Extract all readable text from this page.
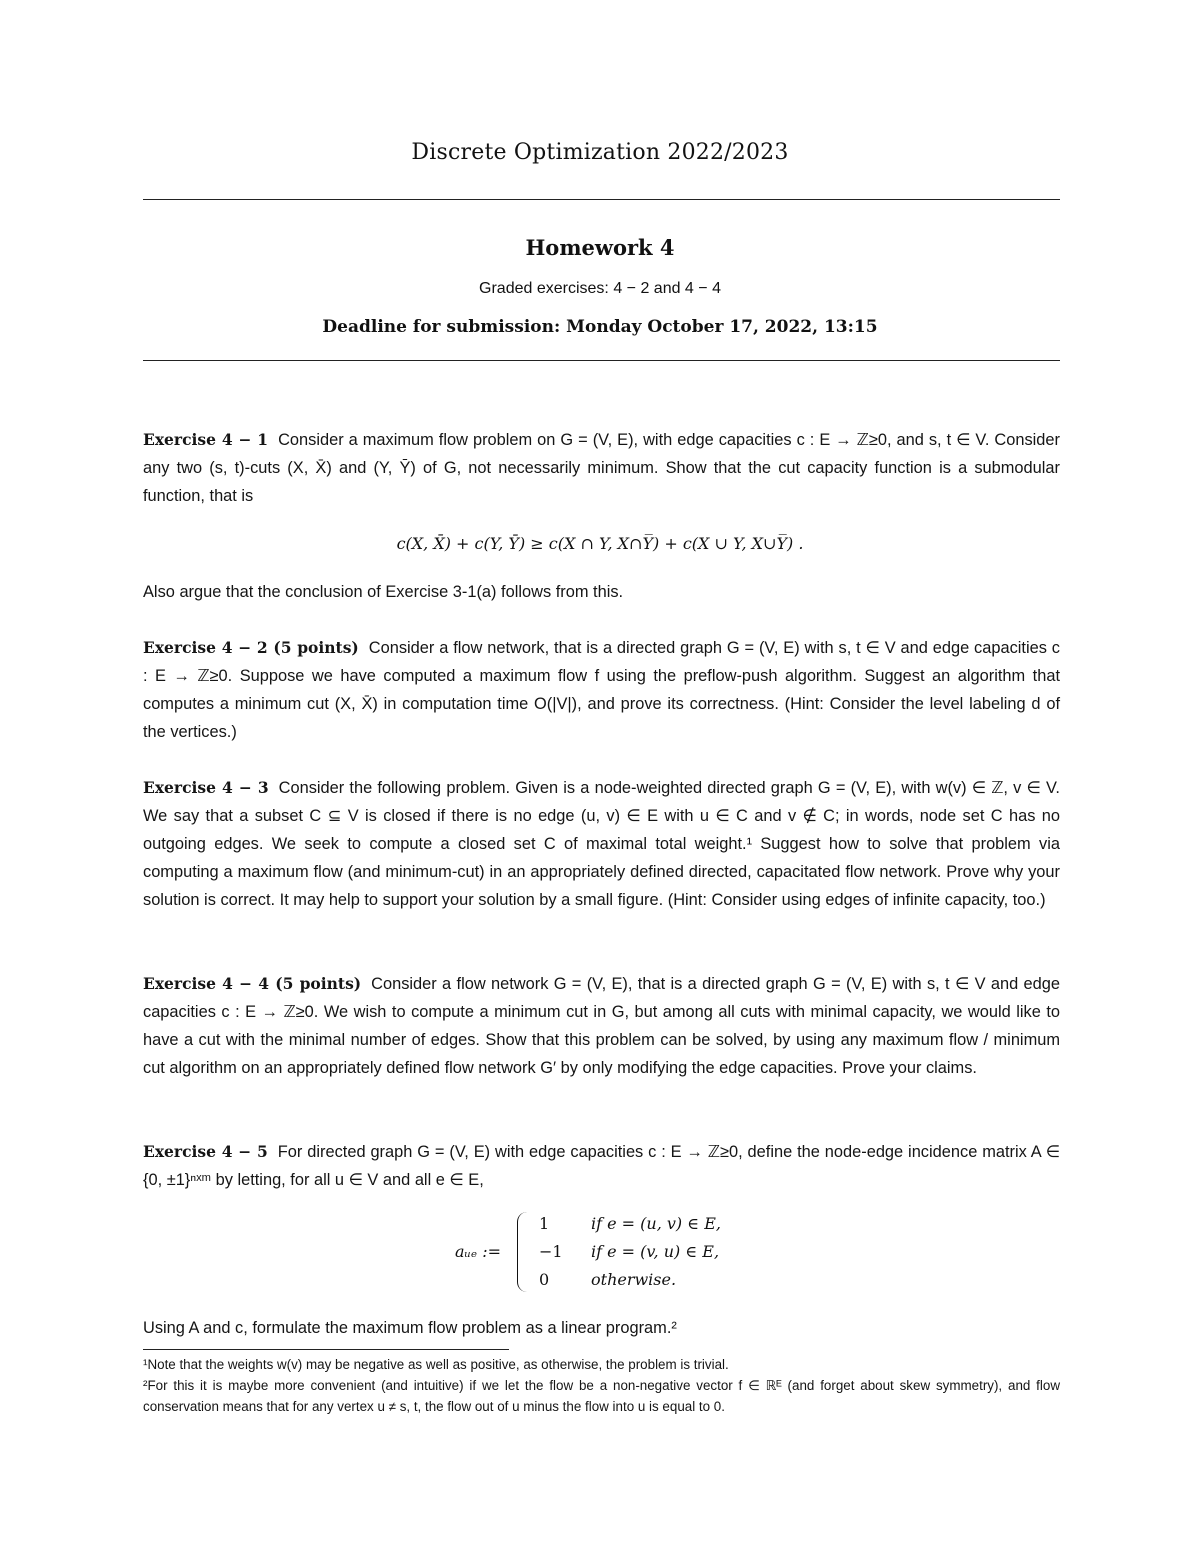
Discrete Optimization 2022/2023
Homework 4
Graded exercises: 4 − 2 and 4 − 4
Deadline for submission: Monday October 17, 2022, 13:15
Exercise 4 − 1 Consider a maximum flow problem on G = (V, E), with edge capacities c : E → ℤ≥0, and s, t ∈ V. Consider any two (s, t)-cuts (X, X̄) and (Y, Ȳ) of G, not necessarily minimum. Show that the cut capacity function is a submodular function, that is
c(X, X̄) + c(Y, Ȳ) ≥ c(X ∩ Y, X∩Y̅) + c(X ∪ Y, X∪Y̅) .
Also argue that the conclusion of Exercise 3-1(a) follows from this.
Exercise 4 − 2 (5 points) Consider a flow network, that is a directed graph G = (V, E) with s, t ∈ V and edge capacities c : E → ℤ≥0. Suppose we have computed a maximum flow f using the preflow-push algorithm. Suggest an algorithm that computes a minimum cut (X, X̄) in computation time O(|V|), and prove its correctness. (Hint: Consider the level labeling d of the vertices.)
Exercise 4 − 3 Consider the following problem. Given is a node-weighted directed graph G = (V, E), with w(v) ∈ ℤ, v ∈ V. We say that a subset C ⊆ V is closed if there is no edge (u, v) ∈ E with u ∈ C and v ∉ C; in words, node set C has no outgoing edges. We seek to compute a closed set C of maximal total weight.¹ Suggest how to solve that problem via computing a maximum flow (and minimum-cut) in an appropriately defined directed, capacitated flow network. Prove why your solution is correct. It may help to support your solution by a small figure. (Hint: Consider using edges of infinite capacity, too.)
Exercise 4 − 4 (5 points) Consider a flow network G = (V, E), that is a directed graph G = (V, E) with s, t ∈ V and edge capacities c : E → ℤ≥0. We wish to compute a minimum cut in G, but among all cuts with minimal capacity, we would like to have a cut with the minimal number of edges. Show that this problem can be solved, by using any maximum flow / minimum cut algorithm on an appropriately defined flow network G′ by only modifying the edge capacities. Prove your claims.
Exercise 4 − 5 For directed graph G = (V, E) with edge capacities c : E → ℤ≥0, define the node-edge incidence matrix A ∈ {0, ±1}ⁿˣᵐ by letting, for all u ∈ V and all e ∈ E,
aᵤₑ :=
1	if e = (u, v) ∈ E,
−1 if e = (v, u) ∈ E,
0	otherwise.
Using A and c, formulate the maximum flow problem as a linear program.²
¹Note that the weights w(v) may be negative as well as positive, as otherwise, the problem is trivial.
²For this it is maybe more convenient (and intuitive) if we let the flow be a non-negative vector f ∈ ℝᴱ (and forget about skew symmetry), and flow conservation means that for any vertex u ≠ s, t, the flow out of u minus the flow into u is equal to 0.
